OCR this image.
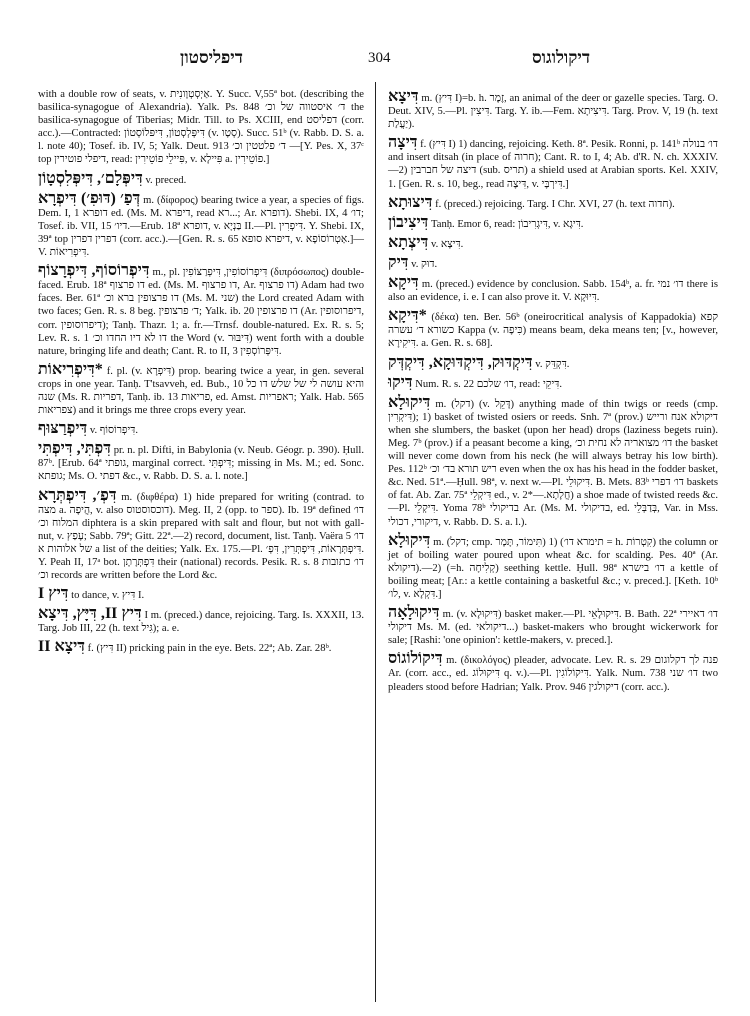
דיפליסטון	304	דיקולוגוס
with a double row of seats, v. אַיְסְטְוָונִית. Y. Succ. V,55ª bot. (describing the basilica-synagogue of Alexandria). Yalk. Ps. 848 ד׳ איסטווה של וכ׳ the basilica-synagogue of Tiberias; Midr. Till. to Ps. XCIII, end דפליסט (corr. acc.).—Contracted: דִּיפְּלְסְטוֹן, דִּיפּלוֹסְטוֹן (v. סְטָו). Succ. 51ᵇ (v. Rabb. D. S. a. l. note 40); Tosef. ib. IV, 5; Yalk. Deut. 913 ד׳ פלטטין וכ׳ —[Y. Pes. X, 37ᶜ top דיפלי פוטירין, read: פִּיילֵי פוֹטֵירִין, v. פִּיילָא a. פוֹטֵירִין.]
דִּיפְּלָם׳, דִּיפְּלִסְטָוֹן v. preced.
דְּפַ׳ (דּוּפִ׳) דִּיפְרָא m. (δίφορος) bearing twice a year, a species of figs. Dem. I, 1 דופרא ed. (Ms. M. דיפרא, read רא...; Ar. דופרא). Shebi. IX, 4 דו׳; Tosef. ib. VII, 15 דיו׳.—Erub. 18ª דופרא, v. בַּנְיָא II.—Pl. דִּיפְרִין. Y. Shebi. IX, 39ª top דפרין דפרין (corr. acc.).—[Gen. R. s. 65 דיפרא סופא, v. אַטְרוֹסוֹפָא.]—V. דִּיפְרִיאוֹת.
דִּיפְרוֹסוֹף, דִּיפְרָצוֹף m., pl. דִּיפְרוֹסוֹפִין, דִּיפְרַצּוֹפִין (διπρόσωπος) double-faced. Erub. 18ª דו פרצוף ed. (Ms. M. דו פרצוף, Ar. דו פרצוף) Adam had two faces. Ber. 61ª דו פרצופין ברא וכ׳ (Ms. M. שני) the Lord created Adam with two faces; Gen. R. s. 8 beg. ד׳ פרצופין; Yalk. ib. 20 דו פרצופין (Ar. דיפרוסופין, corr. דיפרוסופין); Tanḥ. Thazr. 1; a. fr.—Trnsf. double-natured. Ex. R. s. 5; Lev. R. s. 1 דו לא דיו החדו וכ׳ the Word (v. דִּיבּוּר) went forth with a double nature, bringing life and death; Cant. R. to II, 3 דִּיפְּרוֹסְפִין.
*דִּיפְרִיאוֹת f. pl. (v. דִּיפְרָא) prop. bearing twice a year, in gen. several crops in one year. Tanḥ. T'tsavveh, ed. Bub., 10 והיא עושה לי של שלש דו כל שנה (Ms. R. דפריות, Tanḥ. ib. 13 פריאות, ed. Amst. ראפריות; Yalk. Hab. 565 צפריאות) and it brings me three crops every year.
דִּיפְרַצּוּף v. דִּיפְרוֹסוֹף.
דִּפְתִּי, דִּיפְתִּי pr. n. pl. Difti, in Babylonia (v. Neub. Géogr. p. 390). Ḥull. 87ᵇ. [Erub. 64ª גופתי, marginal correct. דִּיפְתִּי; missing in Ms. M.; ed. Sonc. גופתא; Ms. O. דפתי &c., v. Rabb. D. S. a. l. note.]
דִּפְ׳, דִּיפְתְּרָא m. (διφθέρα) 1) hide prepared for writing (contrad. to מצה a. הֲיפָה, v. also דוכסוסטוס). Meg. II, 2 (opp. to ספר). Ib. 19ª defined דו׳ המלוח וכ׳ diphtera is a skin prepared with salt and flour, but not with gall-nut, v. עָפַץ; Sabb. 79ª; Gitt. 22ª.—2) record, document, list. Tanḥ. Vaëra 5 דו׳ של אלוהות א a list of the deities; Yalk. Ex. 175.—Pl. דִּיפְתְּרָאוֹת, דִּיפְתְּרִין, דִּפְ׳. Y. Peah II, 17ᵃ bot. דִּפְתְּרָתָן their (national) records. Pesik. R. s. 8 דו׳ כתובות וכ׳ records are written before the Lord &c.
דִּיץ I to dance, v. דִּיץ I.
דִּיץ II, דִּיָּץ, דִּיצָא I m. (preced.) dance, rejoicing. Targ. Is. XXXII, 13. Targ. Job III, 22 (h. text גִּיל); a. e.
דִּיצָא II f. (דִּיץ II) pricking pain in the eye. Bets. 22ª; Ab. Zar. 28ᵇ.
דִּיצָא m. (דִּיץ I)=b. h. זֶמֶר, an animal of the deer or gazelle species. Targ. O. Deut. XIV, 5.—Pl. דִּיצִין. Targ. Y. ib.—Fem. דִּיצִיתָא. Targ. Prov. V, 19 (h. text יַעֲלַת).
דִּיצָה f. (דִּיץ I) 1) dancing, rejoicing. Keth. 8ª. Pesik. Ronni, p. 141ᵇ דו׳ בנולה and insert ditsah (in place of חרוה); Cant. R. to I, 4; Ab. d'R. N. ch. XXXIV.—2) דיצה של חברבין (sub. תריס) a shield used at Arabian sports. Kel. XXIV, 1. [Gen. R. s. 10, beg., read דִּיצָה, v. דִּירְבָּי.]
דִּיצוּתָא f. (preced.) rejoicing. Targ. I Chr. XVI, 27 (h. text חדוה).
דִּיצִיבוֹן Tanḥ. Emor 6, read: דִּיגְרִיבוֹן, v. דִּיגָא.
דִּיצְתָא v. דִּיצָא.
דִּיק v. דוּק.
דִּיקָא m. (preced.) evidence by conclusion. Sabb. 154ᵇ, a. fr. דו׳ נמי there is also an evidence, i. e. I can also prove it. V. דִּיוּקָא.
*דִּיקָא (δέκα) ten. Ber. 56ᵇ (oneirocritical analysis of Kappadokia) קפא כשורא ד׳ עשרה Kappa (v. כִּיפָה) means beam, deka means ten; [v., however, דִּיקִירָא. a. Gen. R. s. 68].
דִּיקְדּוּק, דִּיקְדּוּקָא, דִּיקְדְּק v. דִּקְדֵּק.
דִּיקוּ Num. R. s. 22 דו׳ שלכם, read: דִּיקֵי.
דִּיקוּלָא m. (דקל) (v. דָּקֵל) anything made of thin twigs or reeds (cmp. דִּיקְרִין); 1) basket of twisted osiers or reeds. Snh. 7ª (prov.) דיקולא אנח ורייש when she slumbers, the basket (upon her head) drops (laziness begets ruin). Meg. 7ᵇ (prov.) if a peasant become a king, דו׳ מצואריה לא נחית וכ׳ the basket will never come down from his neck (he will always betray his low birth). Pes. 112ᵇ ריש תורא בד׳ וכ׳ even when the ox has his head in the fodder basket, &c. Ned. 51ª.—Ḥull. 98ª, v. next w.—Pl. דִּיקוּלֵי. B. Mets. 83ᵇ דו׳ דפרי baskets of fat. Ab. Zar. 75ª דִּיקְלֵי ed., v. חֲלָתָא.—*2) a shoe made of twisted reeds &c.—Pl. דִּיקְלֵי. Yoma 78ᵇ בדיקולי Ar. (Ms. M. בדיקולי, ed. בְּדַבְּלֵי, Var. in Mss. דיקורי, דכולי, v. Rabb. D. S. a. l.).
דִּיקוּלָא m. (דקל; cmp. תִּימוֹר, תָּמָר) 1) (תימרא דו׳ = h. קִטְרוֹת) the column or jet of boiling water poured upon wheat &c. for scalding. Pes. 40ª (Ar. דיקולא).—2) (=h. קְלִיחָה) seething kettle. Ḥull. 98ª דו׳ בישרא a kettle of boiling meat; [Ar.: a kettle containing a basketful &c.; v. preced.]. [Keth. 10ᵇ לו׳, v. דִּקְלָא.]
דִּיקוּלָאָה m. (v. דִּיקוּלָא) basket maker.—Pl. דִּיקוּלָאֵי. B. Bath. 22ª דו׳ דאיירי דיקולי Ms. M. (ed. דיקולאי...) basket-makers who brought wickerwork for sale; [Rashi: 'one opinion': kettle-makers, v. preced.].
דִּיקוֹלוֹגוֹס m. (δικολόγος) pleader, advocate. Lev. R. s. 29 פנה לך דקלוגום Ar. (corr. acc., ed. דִּיקוּלוֹג q. v.).—Pl. דִּיקוֹלוֹגִין. Yalk. Num. 738 דו׳ שני two pleaders stood before Hadrian; Yalk. Prov. 946 דיקולגין (corr. acc.).
